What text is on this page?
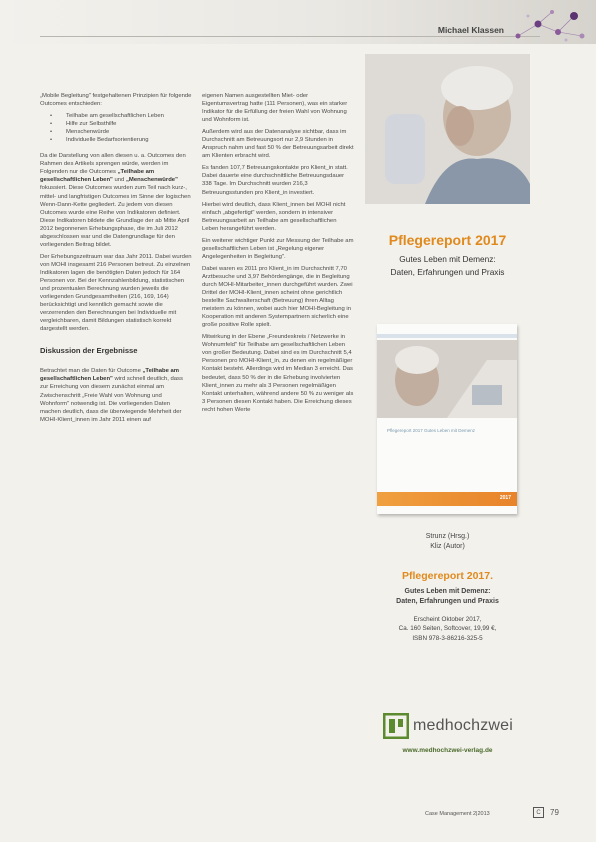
Michael Klassen

„Mobile Begleitung" festgehaltenen Prinzipien für folgende Outcomes entschieden:

• Teilhabe am gesellschaftlichen Leben
• Hilfe zur Selbsthilfe
• Menschenwürde
• Individuelle Bedarfsorientierung

Da die Darstellung von allen diesen u. a. Outcomes den Rahmen des Artikels sprengen würde, werden im Folgenden nur die Outcomes „Teilhabe am gesellschaftlichen Leben" und „Menschenwürde" fokussiert. Diese Outcomes wurden zum Teil nach kurz-, mittel- und langfristigen Outcomes im Sinne der logischen Wenn-Dann-Kette gegliedert. Zu jedem von diesen Outcomes wurde eine Reihe von Indikatoren definiert. Diese Indikatoren bildete die Grundlage der ab Mitte April 2012 begonnenen Erhebungsphase, die im Juli 2012 abgeschlossen war und die Datengrundlage für den vorliegenden Beitrag bildet.

Der Erhebungszeitraum war das Jahr 2011. Dabei wurden von MOHI insgesamt 216 Personen betreut. Zu einzelnen Indikatoren lagen die benötigten Daten jedoch für 164 Personen vor. Bei der Kennzahlenbildung, statistischen und prozentualen Berechnung wurden jeweils die vorliegenden Grundgesamtheiten (216, 169, 164) berücksichtigt und kenntlich gemacht sowie die verzerrenden den Berechnungen bei Individuelle mit vergleichbaren, damit Bildungen statistisch korrekt dargestellt werden.

Diskussion der Ergebnisse

Betrachtet man die Daten für Outcome „Teilhabe am gesellschaftlichen Leben" wird schnell deutlich, dass zur Erreichung von diesem zunächst einmal am Zwischenschritt „Freie Wahl von Wohnung und Wohnform" notwendig ist. Die vorliegenden Daten machen deutlich, dass die überwiegende Mehrheit der MOHI-Klient_innen im Jahr 2011 einen auf

eigenen Namen ausgestellten Miet- oder Eigentumsvertrag hatte (111 Personen), was ein starker Indikator für die Erfüllung der freien Wahl von Wohnung und Wohnform ist.

Außerdem wird aus der Datenanalyse sichtbar, dass im Durchschnitt am Betreuungsort nur 2,9 Stunden in Anspruch nahm und fast 50 % der Betreuungsarbeit direkt am Klienten erbracht wird.

Es fanden 107,7 Betreuungskontakte pro Klient_in statt. Dabei dauerte eine durchschnittliche Betreuungsdauer 338 Tage. Im Durchschnitt wurden 216,3 Betreuungsstunden pro Klient_in investiert.

Hierbei wird deutlich, dass Klient_innen bei MOHI nicht einfach „abgefertigt" werden, sondern in intensiver Betreuungsarbeit an Teilhabe am gesellschaftlichen Leben herangeführt werden.

Ein weiterer wichtiger Punkt zur Messung der Teilhabe am gesellschaftlichen Leben ist „Regelung eigener Angelegenheiten in Begleitung".

Dabei waren es 2011 pro Klient_in im Durchschnitt 7,70 Arztbesuche und 3,97 Behördengänge, die in Begleitung durch MOHI-Mitarbeiter_innen durchgeführt wurden. Zwei Drittel der MOHI-Klient_innen scheint ohne gerichtlich bestellte Sachwalterschaft (Betreuung) ihren Alltag meistern zu können, wobei auch hier MOHI-Begleitung in Kooperation mit anderen Systempartnern sicherlich eine große positive Rolle spielt.

Mitwirkung in der Ebene „Freundeskreis / Netzwerke in Wohnumfeld" für Teilhabe am gesellschaftlichen Leben von großer Bedeutung. Dabei sind es im Durchschnitt 5,4 Personen pro MOHI-Klient_in, zu denen ein regelmäßiger Kontakt besteht. Allerdings wird im Median 3 erreicht. Das bedeutet, dass 50 % der in die Erhebung involvierten Klient_innen zu mehr als 3 Personen regelmäßigen Kontakt unterhalten, während andere 50 % zu weniger als 3 Personen diesen Kontakt haben. Die Erreichung dieses recht hohen Werte

Pflegereport 2017
Gutes Leben mit Demenz:
Daten, Erfahrungen und Praxis
Pflegereport 2017 Gutes Leben mit Demenz
2017
Strunz (Hrsg.)
Kliz (Autor)
Pflegereport 2017.
Gutes Leben mit Demenz:
Daten, Erfahrungen und Praxis
Erscheint Oktober 2017,
Ca. 160 Seiten, Softcover, 19,99 €,
ISBN 978-3-86216-325-5
medhochzwei
www.medhochzwei-verlag.de
Case Management 2|2013	C	79
